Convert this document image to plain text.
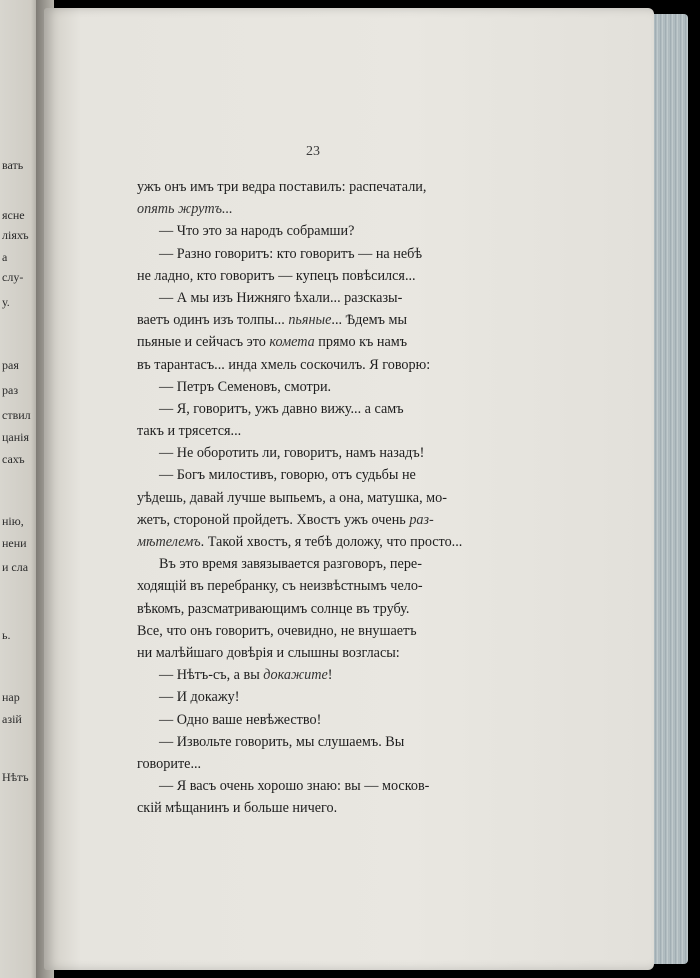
вать
ясне
ліяхъ
а
слу-
у.
рая
раз
ствил
цанія
сахъ
нію,
нени
и сла
ь.
нар
азій
Нѣтъ
23
ужъ онъ имъ три ведра поставилъ: распечатали,
опять жрутъ...
— Что это за народъ собрамши?
— Разно говоритъ: кто говоритъ — на небѣ
не ладно, кто говоритъ — купецъ повѣсился...
— А мы изъ Нижняго ѣхали... разсказы-
ваетъ одинъ изъ толпы... пьяные... Ѣдемъ мы
пьяные и сейчасъ это комета прямо къ намъ
въ тарантасъ... инда хмель соскочилъ. Я говорю:
— Петръ Семеновъ, смотри.
— Я, говоритъ, ужъ давно вижу... а самъ
такъ и трясется...
— Не оборотить ли, говоритъ, намъ назадъ!
— Богъ милостивъ, говорю, отъ судьбы не
уѣдешь, давай лучше выпьемъ, а она, матушка, мо-
жетъ, стороной пройдетъ. Хвостъ ужъ очень раз-
мѣтелемъ. Такой хвостъ, я тебѣ доложу, что просто...
Въ это время завязывается разговоръ, пере-
ходящій въ перебранку, съ неизвѣстнымъ чело-
вѣкомъ, разсматривающимъ солнце въ трубу.
Все, что онъ говоритъ, очевидно, не внушаетъ
ни малѣйшаго довѣрія и слышны возгласы:
— Нѣтъ-съ, а вы докажите!
— И докажу!
— Одно ваше невѣжество!
— Извольте говорить, мы слушаемъ. Вы
говорите...
— Я васъ очень хорошо знаю: вы — москов-
скій мѣщанинъ и больше ничего.
